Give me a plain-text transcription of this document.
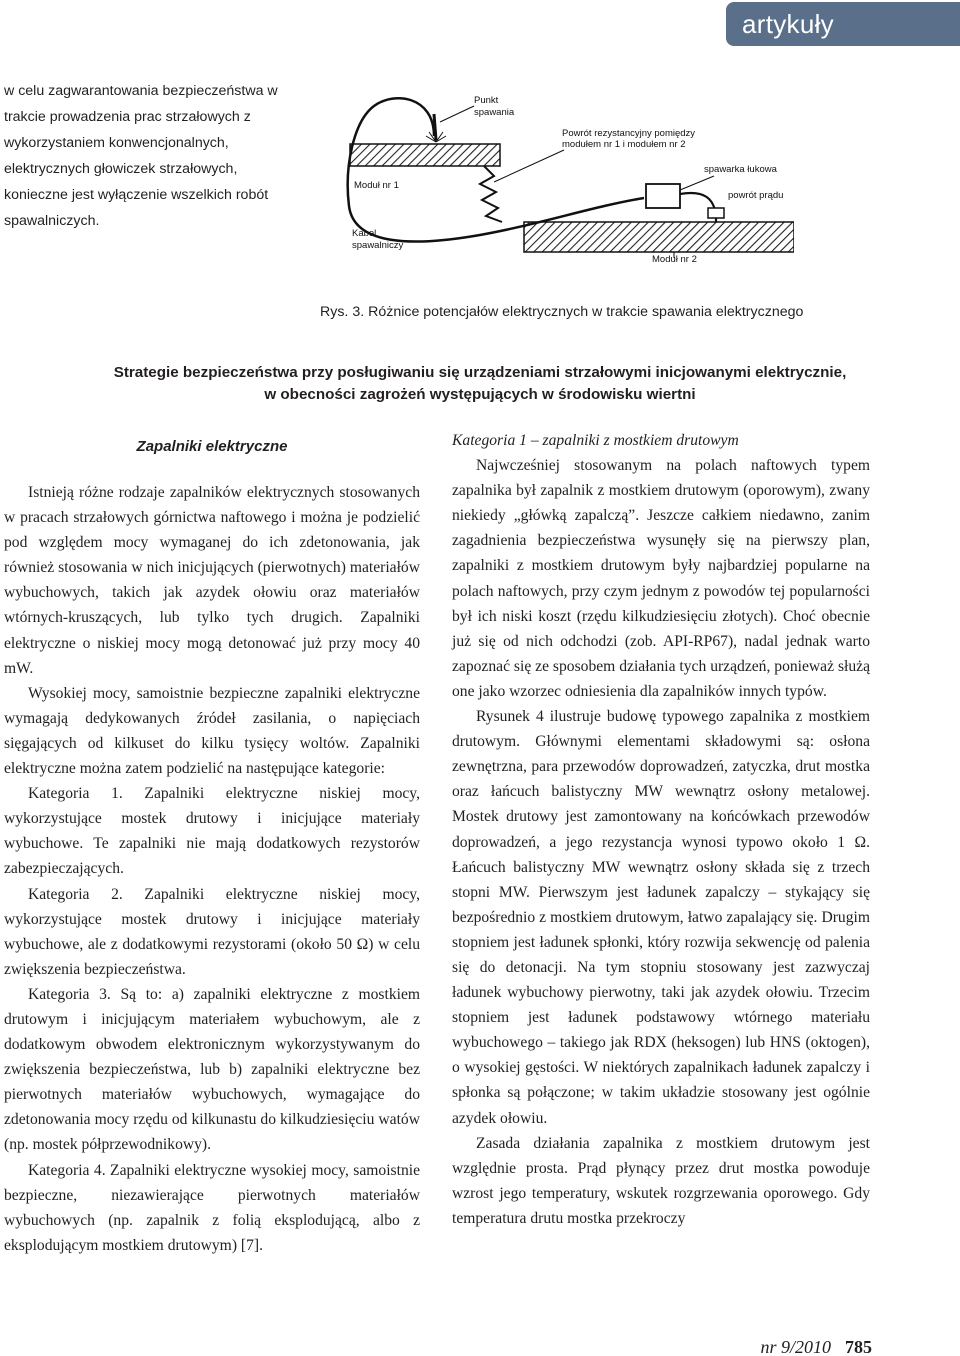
artykuły
w celu zagwarantowania bezpieczeństwa w trakcie prowadzenia prac strzałowych z wykorzystaniem konwencjonalnych, elektrycznych głowiczek strzałowych, konieczne jest wyłączenie wszelkich robót spawalniczych.
Punkt
spawania
Powrót rezystancyjny pomiędzy
modułem nr 1 i modułem nr 2
spawarka łukowa
powrót prądu
Moduł nr 1
Kabel
spawalniczy
Moduł nr 2
Rys. 3. Różnice potencjałów elektrycznych w trakcie spawania elektrycznego
Strategie bezpieczeństwa przy posługiwaniu się urządzeniami strzałowymi inicjowanymi elektrycznie,
w obecności zagrożeń występujących w środowisku wiertni
Zapalniki elektryczne

Istnieją różne rodzaje zapalników elektrycznych stosowanych w pracach strzałowych górnictwa naftowego i można je podzielić pod względem mocy wymaganej do ich zdetonowania, jak również stosowania w nich inicjujących (pierwotnych) materiałów wybuchowych, takich jak azydek ołowiu oraz materiałów wtórnych-kruszących, lub tylko tych drugich. Zapalniki elektryczne o niskiej mocy mogą detonować już przy mocy 40 mW.

Wysokiej mocy, samoistnie bezpieczne zapalniki elektryczne wymagają dedykowanych źródeł zasilania, o napięciach sięgających od kilkuset do kilku tysięcy woltów. Zapalniki elektryczne można zatem podzielić na następujące kategorie:

Kategoria 1. Zapalniki elektryczne niskiej mocy, wykorzystujące mostek drutowy i inicjujące materiały wybuchowe. Te zapalniki nie mają dodatkowych rezystorów zabezpieczających.

Kategoria 2. Zapalniki elektryczne niskiej mocy, wykorzystujące mostek drutowy i inicjujące materiały wybuchowe, ale z dodatkowymi rezystorami (około 50 Ω) w celu zwiększenia bezpieczeństwa.

Kategoria 3. Są to: a) zapalniki elektryczne z mostkiem drutowym i inicjującym materiałem wybuchowym, ale z dodatkowym obwodem elektronicznym wykorzystywanym do zwiększenia bezpieczeństwa, lub b) zapalniki elektryczne bez pierwotnych materiałów wybuchowych, wymagające do zdetonowania mocy rzędu od kilkunastu do kilkudziesięciu watów (np. mostek półprzewodnikowy).

Kategoria 4. Zapalniki elektryczne wysokiej mocy, samoistnie bezpieczne, niezawierające pierwotnych materiałów wybuchowych (np. zapalnik z folią eksplodującą, albo z eksplodującym mostkiem drutowym) [7].

Kategoria 1 – zapalniki z mostkiem drutowym

Najwcześniej stosowanym na polach naftowych typem zapalnika był zapalnik z mostkiem drutowym (oporowym), zwany niekiedy „główką zapalczą”. Jeszcze całkiem niedawno, zanim zagadnienia bezpieczeństwa wysunęły się na pierwszy plan, zapalniki z mostkiem drutowym były najbardziej popularne na polach naftowych, przy czym jednym z powodów tej popularności był ich niski koszt (rzędu kilkudziesięciu złotych). Choć obecnie już się od nich odchodzi (zob. API-RP67), nadal jednak warto zapoznać się ze sposobem działania tych urządzeń, ponieważ służą one jako wzorzec odniesienia dla zapalników innych typów.

Rysunek 4 ilustruje budowę typowego zapalnika z mostkiem drutowym. Głównymi elementami składowymi są: osłona zewnętrzna, para przewodów doprowadzeń, zatyczka, drut mostka oraz łańcuch balistyczny MW wewnątrz osłony metalowej. Mostek drutowy jest zamontowany na końcówkach przewodów doprowadzeń, a jego rezystancja wynosi typowo około 1 Ω. Łańcuch balistyczny MW wewnątrz osłony składa się z trzech stopni MW. Pierwszym jest ładunek zapalczy – stykający się bezpośrednio z mostkiem drutowym, łatwo zapalający się. Drugim stopniem jest ładunek spłonki, który rozwija sekwencję od palenia się do detonacji. Na tym stopniu stosowany jest zazwyczaj ładunek wybuchowy pierwotny, taki jak azydek ołowiu. Trzecim stopniem jest ładunek podstawowy wtórnego materiału wybuchowego – takiego jak RDX (heksogen) lub HNS (oktogen), o wysokiej gęstości. W niektórych zapalnikach ładunek zapalczy i spłonka są połączone; w takim układzie stosowany jest ogólnie azydek ołowiu.

Zasada działania zapalnika z mostkiem drutowym jest względnie prosta. Prąd płynący przez drut mostka powoduje wzrost jego temperatury, wskutek rozgrzewania oporowego. Gdy temperatura drutu mostka przekroczy

nr 9/2010 785
